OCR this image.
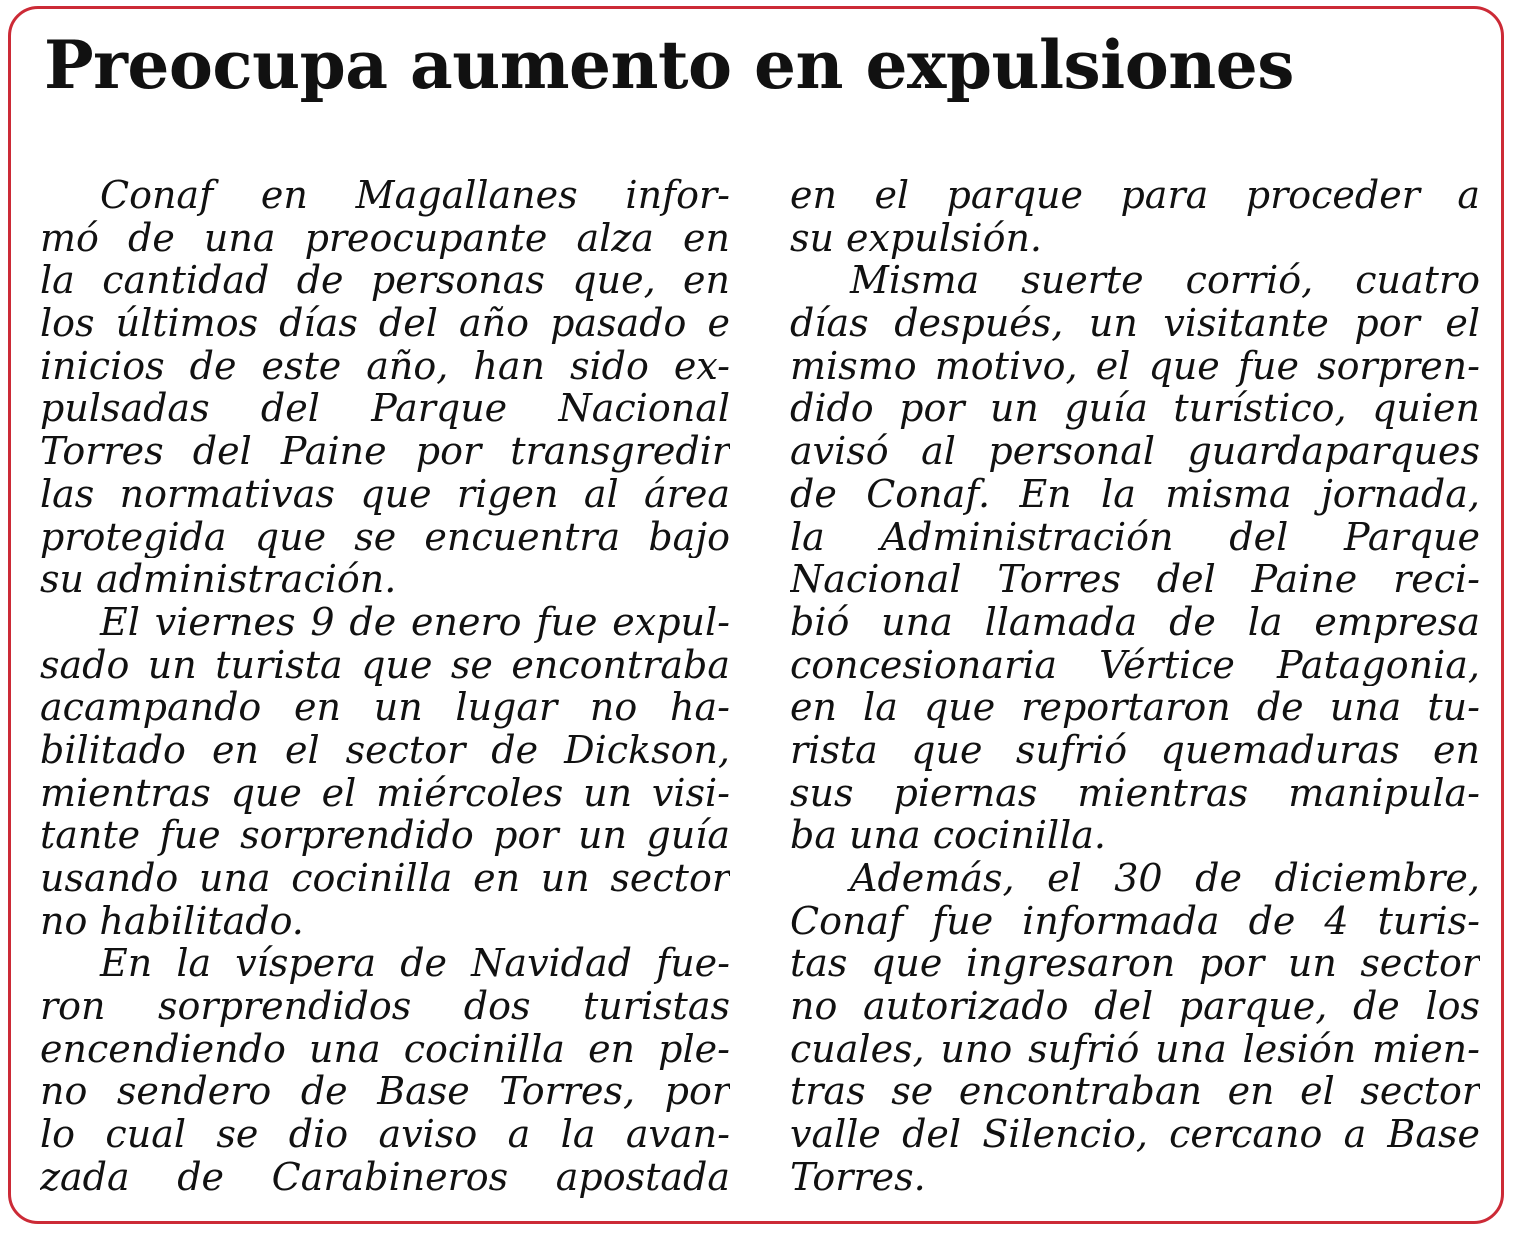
Preocupa aumento en expulsiones
Conaf en Magallanes infor-
mó de una preocupante alza en
la cantidad de personas que, en
los últimos días del año pasado e
inicios de este año, han sido ex-
pulsadas del Parque Nacional
Torres del Paine por transgredir
las normativas que rigen al área
protegida que se encuentra bajo
su administración.
El viernes 9 de enero fue expul-
sado un turista que se encontraba
acampando en un lugar no ha-
bilitado en el sector de Dickson,
mientras que el miércoles un visi-
tante fue sorprendido por un guía
usando una cocinilla en un sector
no habilitado.
En la víspera de Navidad fue-
ron sorprendidos dos turistas
encendiendo una cocinilla en ple-
no sendero de Base Torres, por
lo cual se dio aviso a la avan-
zada de Carabineros apostada
en el parque para proceder a
su expulsión.
Misma suerte corrió, cuatro
días después, un visitante por el
mismo motivo, el que fue sorpren-
dido por un guía turístico, quien
avisó al personal guardaparques
de Conaf. En la misma jornada,
la Administración del Parque
Nacional Torres del Paine reci-
bió una llamada de la empresa
concesionaria Vértice Patagonia,
en la que reportaron de una tu-
rista que sufrió quemaduras en
sus piernas mientras manipula-
ba una cocinilla.
Además, el 30 de diciembre,
Conaf fue informada de 4 turis-
tas que ingresaron por un sector
no autorizado del parque, de los
cuales, uno sufrió una lesión mien-
tras se encontraban en el sector
valle del Silencio, cercano a Base
Torres.
